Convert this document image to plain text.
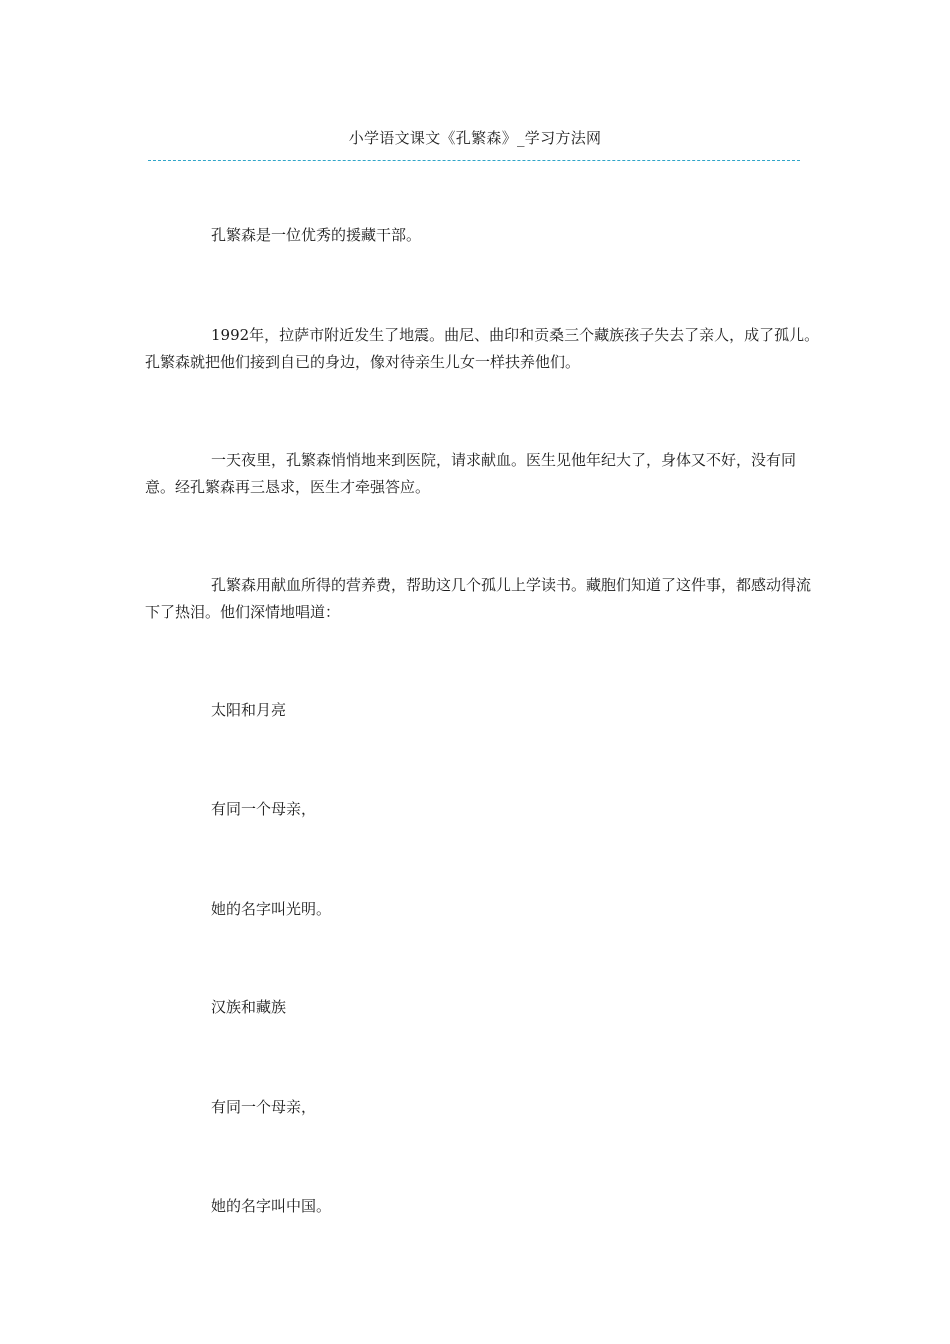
小学语文课文《孔繁森》_学习方法网

孔繁森是一位优秀的援藏干部。

1992年，拉萨市附近发生了地震。曲尼、曲印和贡桑三个藏族孩子失去了亲人，成了孤儿。孔繁森就把他们接到自已的身边，像对待亲生儿女一样扶养他们。

一天夜里，孔繁森悄悄地来到医院，请求献血。医生见他年纪大了，身体又不好，没有同意。经孔繁森再三恳求，医生才牵强答应。

孔繁森用献血所得的营养费，帮助这几个孤儿上学读书。藏胞们知道了这件事，都感动得流下了热泪。他们深情地唱道：

太阳和月亮

有同一个母亲，

她的名字叫光明。

汉族和藏族

有同一个母亲，

她的名字叫中国。
